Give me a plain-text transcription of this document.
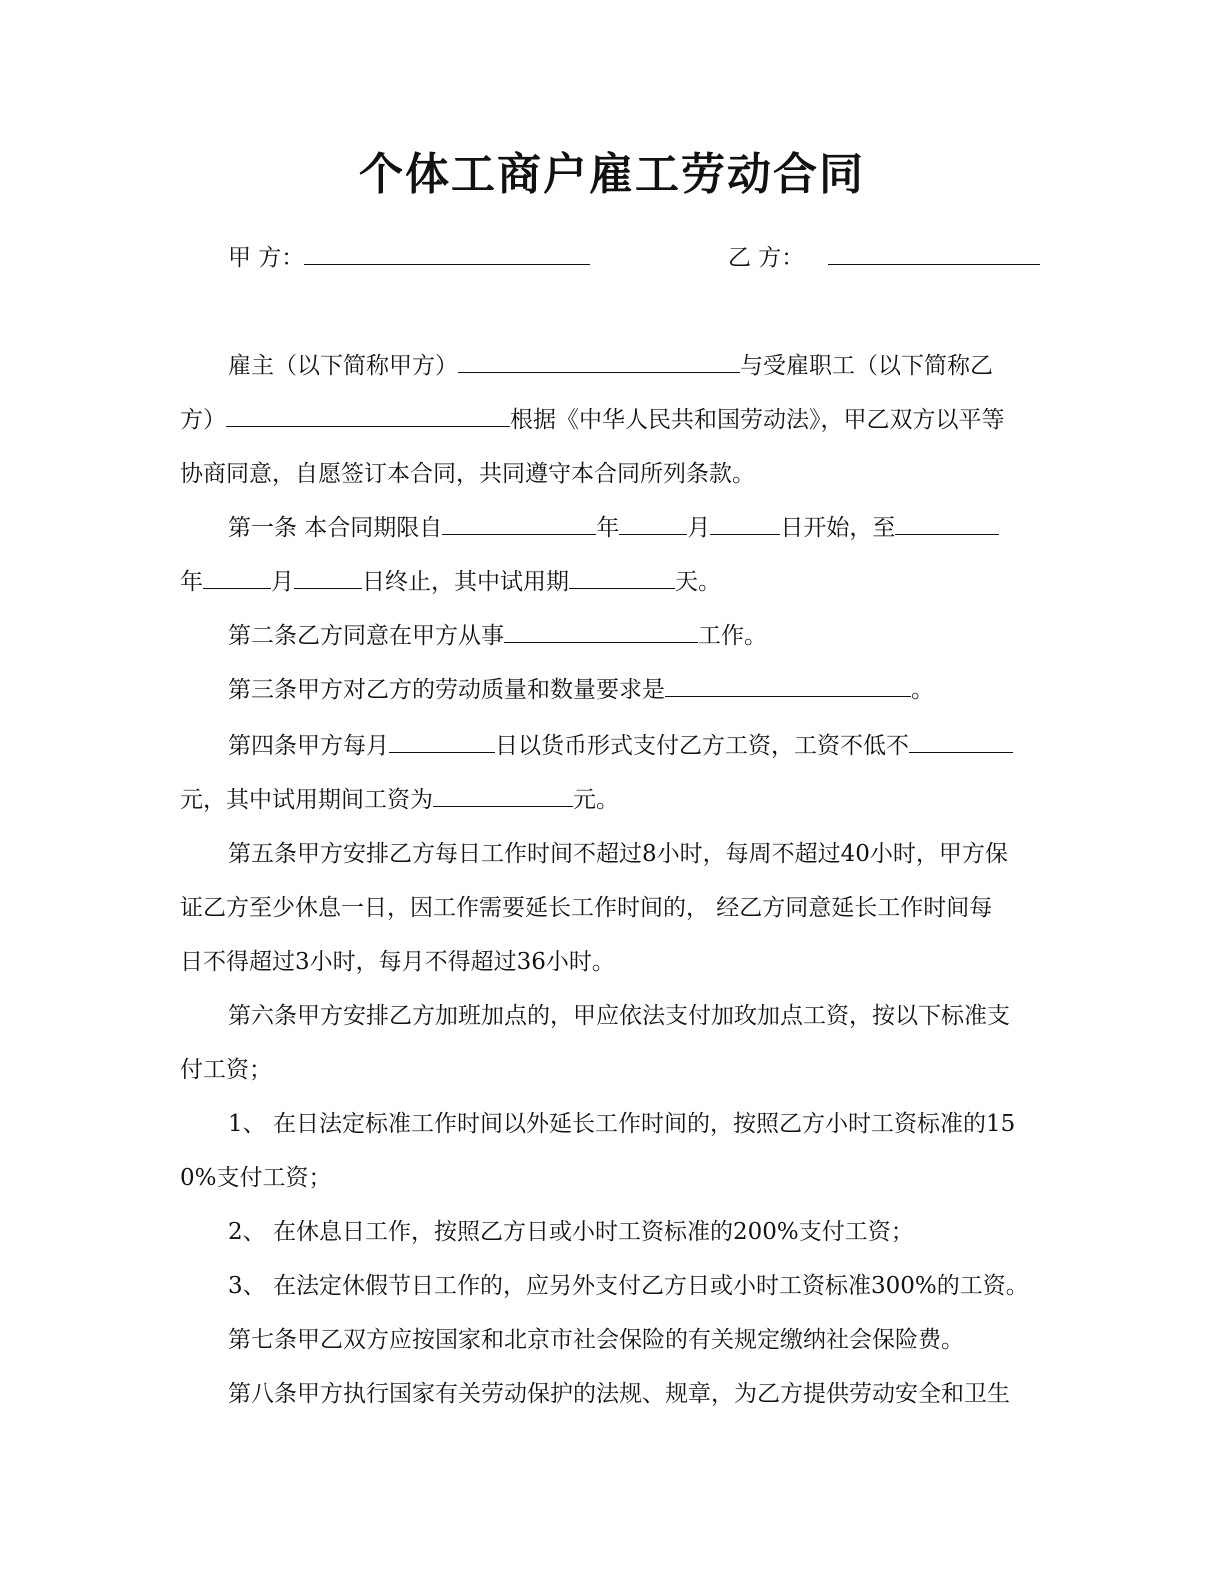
个体工商户雇工劳动合同
甲 方：	乙 方：
雇主（以下简称甲方）	与受雇职工（以下简称乙
方）	根据《中华人民共和国劳动法》，甲乙双方以平等
协商同意，自愿签订本合同，共同遵守本合同所列条款。
第一条 本合同期限自	年	月	日开始，至
年	月	日终止，其中试用期	天。
第二条乙方同意在甲方从事	工作。
第三条甲方对乙方的劳动质量和数量要求是	。
第四条甲方每月	日以货币形式支付乙方工资，工资不低不
元，其中试用期间工资为	元。
第五条甲方安排乙方每日工作时间不超过8小时，每周不超过40小时，甲方保
证乙方至少休息一日，因工作需要延长工作时间的， 经乙方同意延长工作时间每
日不得超过3小时，每月不得超过36小时。
第六条甲方安排乙方加班加点的，甲应依法支付加玫加点工资，按以下标准支
付工资；
1、 在日法定标准工作时间以外延长工作时间的，按照乙方小时工资标准的15
0%支付工资；
2、 在休息日工作，按照乙方日或小时工资标准的200%支付工资；
3、 在法定休假节日工作的，应另外支付乙方日或小时工资标准300%的工资。
第七条甲乙双方应按国家和北京市社会保险的有关规定缴纳社会保险费。
第八条甲方执行国家有关劳动保护的法规、规章，为乙方提供劳动安全和卫生
